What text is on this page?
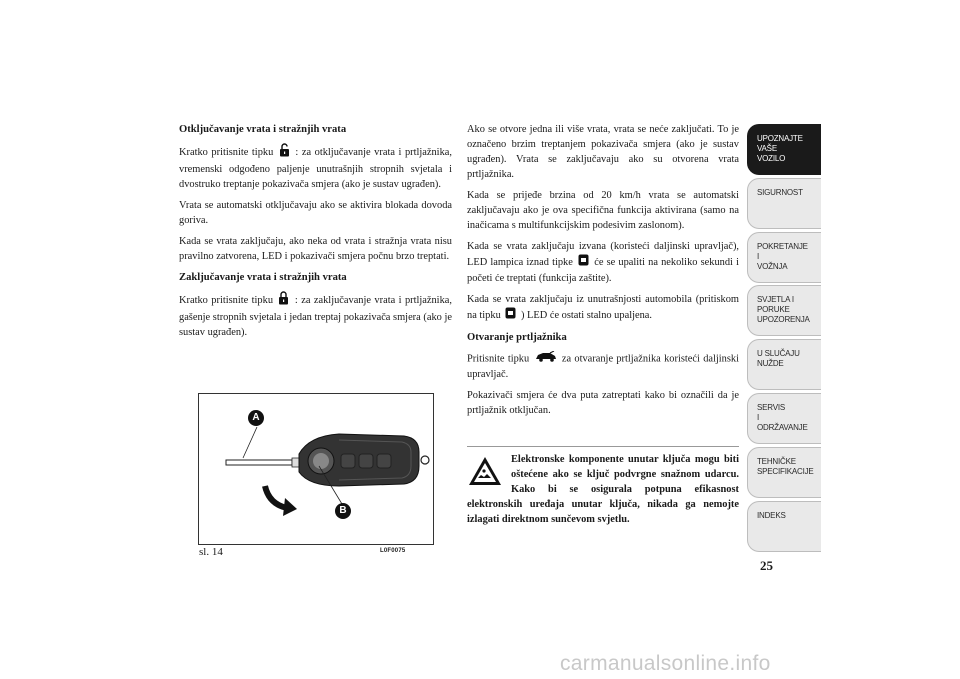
Otključavanje vrata i stražnjih vrata

Kratko pritisnite tipku : za otključavanje vrata i prtljažnika, vremenski odgođeno paljenje unutrašnjih stropnih svjetala i dvostruko treptanje pokazivača smjera (ako je sustav ugrađen).

Vrata se automatski otključavaju ako se aktivira blokada dovoda goriva.

Kada se vrata zaključaju, ako neka od vrata i stražnja vrata nisu pravilno zatvorena, LED i pokazivači smjera počnu brzo treptati.

Zaključavanje vrata i stražnjih vrata

Kratko pritisnite tipku : za zaključavanje vrata i prtljažnika, gašenje stropnih svjetala i jedan treptaj pokazivača smjera (ako je sustav ugrađen).

A
B
sl. 14	L0F0075

Ako se otvore jedna ili više vrata, vrata se neće zaključati. To je označeno brzim treptanjem pokazivača smjera (ako je sustav ugrađen). Vrata se zaključavaju ako su otvorena vrata prtljažnika.

Kada se prijeđe brzina od 20 km/h vrata se automatski zaključavaju ako je ova specifična funkcija aktivirana (samo na inačicama s multifunkcijskim podesivim zaslonom).

Kada se vrata zaključaju izvana (koristeći daljinski upravljač), LED lampica iznad tipke će se upaliti na nekoliko sekundi i početi će treptati (funkcija zaštite).

Kada se vrata zaključaju iz unutrašnjosti automobila (pritiskom na tipku ) LED će ostati stalno upaljena.

Otvaranje prtljažnika

Pritisnite tipku	za otvaranje prtljažnika koristeći daljinski upravljač.

Pokazivači smjera će dva puta zatreptati kako bi označili da je prtljažnik otključan.

Elektronske komponente unutar ključa mogu biti oštećene ako se ključ podvrgne snažnom udarcu. Kako bi se osigurala potpuna efikasnost elektronskih uređaja unutar ključa, nikada ga nemojte izlagati direktnom sunčevom svjetlu.

UPOZNAJTE
VAŠE
VOZILO
SIGURNOST
POKRETANJE
I
VOŽNJA
SVJETLA I
PORUKE
UPOZORENJA
U SLUČAJU
NUŽDE
SERVIS
I
ODRŽAVANJE
TEHNIČKE
SPECIFIKACIJE
INDEKS
25
carmanualsonline.info
